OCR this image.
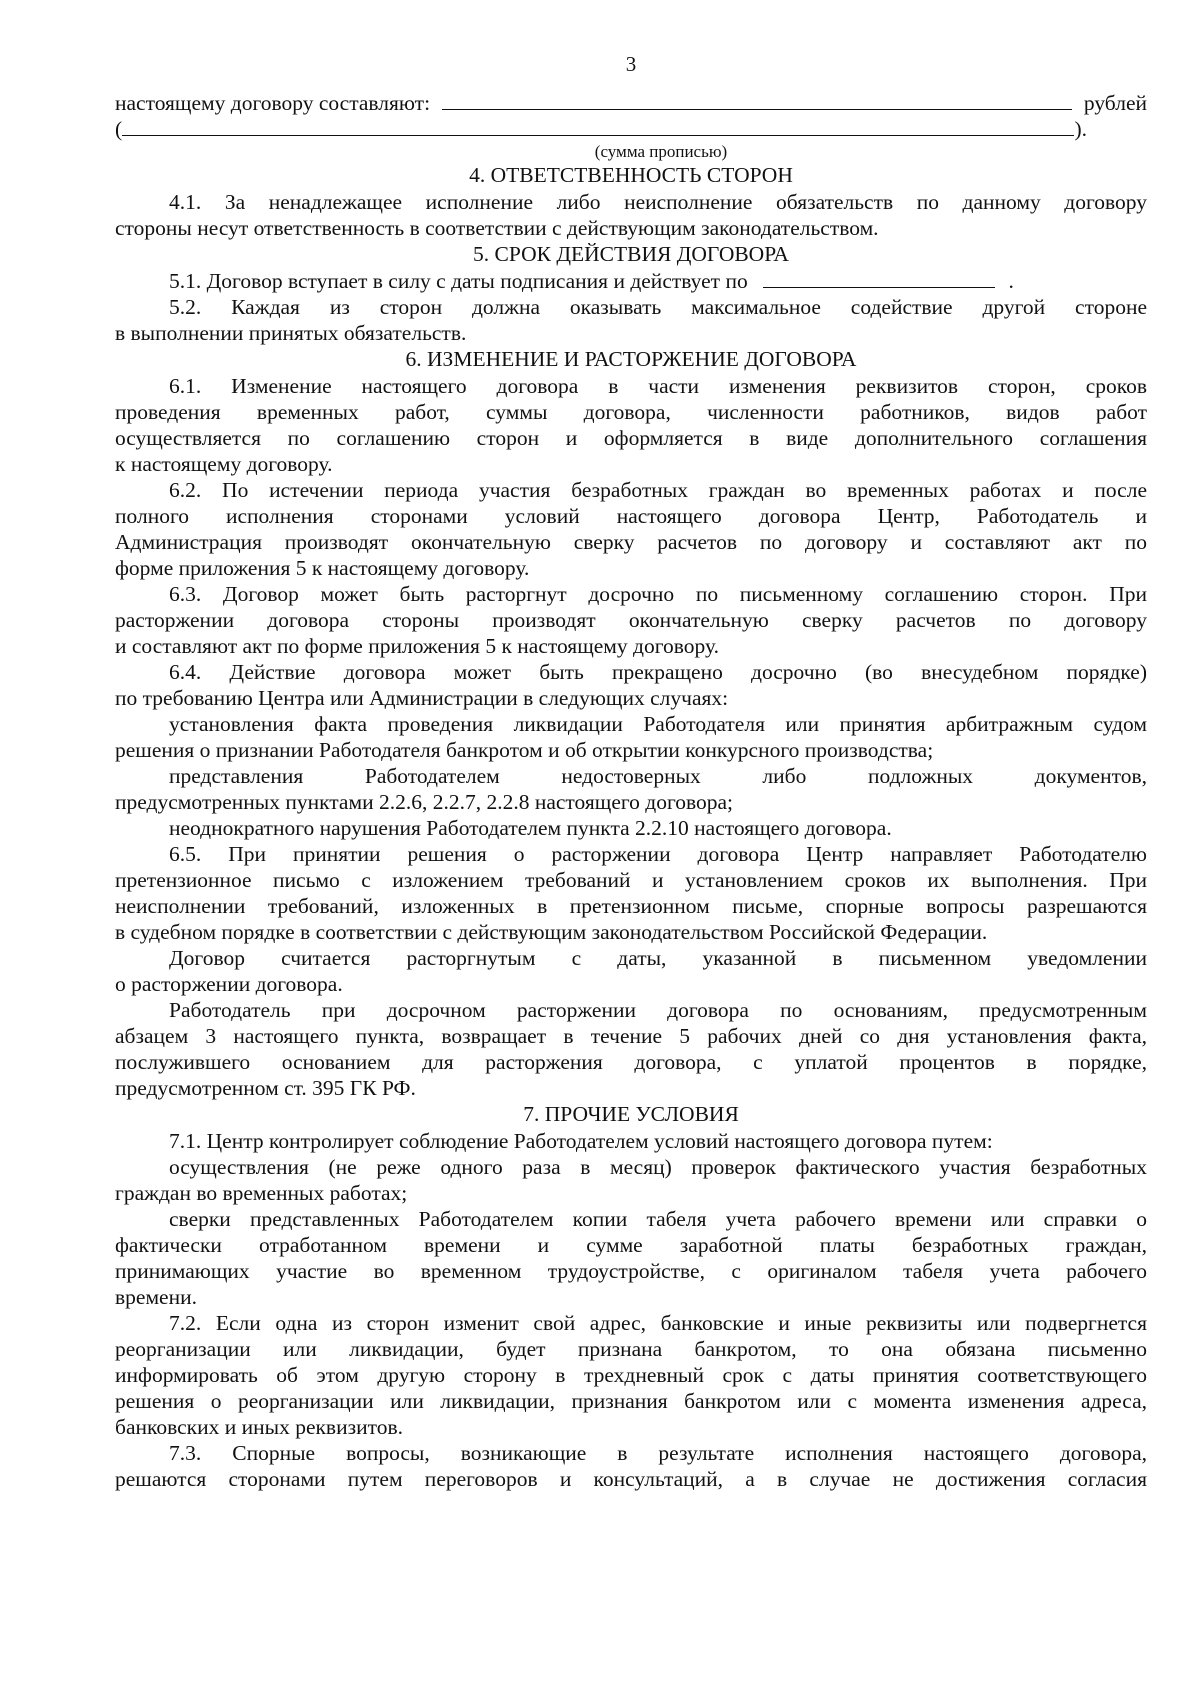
3
настоящему договору составляют:	рублей
(	).
(сумма прописью)
4. ОТВЕТСТВЕННОСТЬ СТОРОН
4.1. За ненадлежащее исполнение либо неисполнение обязательств по данному договору
стороны несут ответственность в соответствии с действующим законодательством.
5. СРОК ДЕЙСТВИЯ ДОГОВОРА
5.1. Договор вступает в силу с даты подписания и действует по	.
5.2. Каждая из сторон должна оказывать максимальное содействие другой стороне
в выполнении принятых обязательств.
6. ИЗМЕНЕНИЕ И РАСТОРЖЕНИЕ ДОГОВОРА
6.1. Изменение настоящего договора в части изменения реквизитов сторон, сроков
проведения временных работ, суммы договора, численности работников, видов работ
осуществляется по соглашению сторон и оформляется в виде дополнительного соглашения
к настоящему договору.
6.2. По истечении периода участия безработных граждан во временных работах и после
полного исполнения сторонами условий настоящего договора Центр, Работодатель и
Администрация производят окончательную сверку расчетов по договору и составляют акт по
форме приложения 5 к настоящему договору.
6.3. Договор может быть расторгнут досрочно по письменному соглашению сторон. При
расторжении договора стороны производят окончательную сверку расчетов по договору
и составляют акт по форме приложения 5 к настоящему договору.
6.4. Действие договора может быть прекращено досрочно (во внесудебном порядке)
по требованию Центра или Администрации в следующих случаях:
установления факта проведения ликвидации Работодателя или принятия арбитражным судом
решения о признании Работодателя банкротом и об открытии конкурсного производства;
представления Работодателем недостоверных либо подложных документов,
предусмотренных пунктами 2.2.6, 2.2.7, 2.2.8 настоящего договора;
неоднократного нарушения Работодателем пункта 2.2.10 настоящего договора.
6.5. При принятии решения о расторжении договора Центр направляет Работодателю
претензионное письмо с изложением требований и установлением сроков их выполнения. При
неисполнении требований, изложенных в претензионном письме, спорные вопросы разрешаются
в судебном порядке в соответствии с действующим законодательством Российской Федерации.
Договор считается расторгнутым с даты, указанной в письменном уведомлении
о расторжении договора.
Работодатель при досрочном расторжении договора по основаниям, предусмотренным
абзацем 3 настоящего пункта, возвращает в течение 5 рабочих дней со дня установления факта,
послужившего основанием для расторжения договора, с уплатой процентов в порядке,
предусмотренном ст. 395 ГК РФ.
7. ПРОЧИЕ УСЛОВИЯ
7.1. Центр контролирует соблюдение Работодателем условий настоящего договора путем:
осуществления (не реже одного раза в месяц) проверок фактического участия безработных
граждан во временных работах;
сверки представленных Работодателем копии табеля учета рабочего времени или справки о
фактически отработанном времени и сумме заработной платы безработных граждан,
принимающих участие во временном трудоустройстве, с оригиналом табеля учета рабочего
времени.
7.2. Если одна из сторон изменит свой адрес, банковские и иные реквизиты или подвергнется
реорганизации или ликвидации, будет признана банкротом, то она обязана письменно
информировать об этом другую сторону в трехдневный срок с даты принятия соответствующего
решения о реорганизации или ликвидации, признания банкротом или с момента изменения адреса,
банковских и иных реквизитов.
7.3. Спорные вопросы, возникающие в результате исполнения настоящего договора,
решаются сторонами путем переговоров и консультаций, а в случае не достижения согласия
